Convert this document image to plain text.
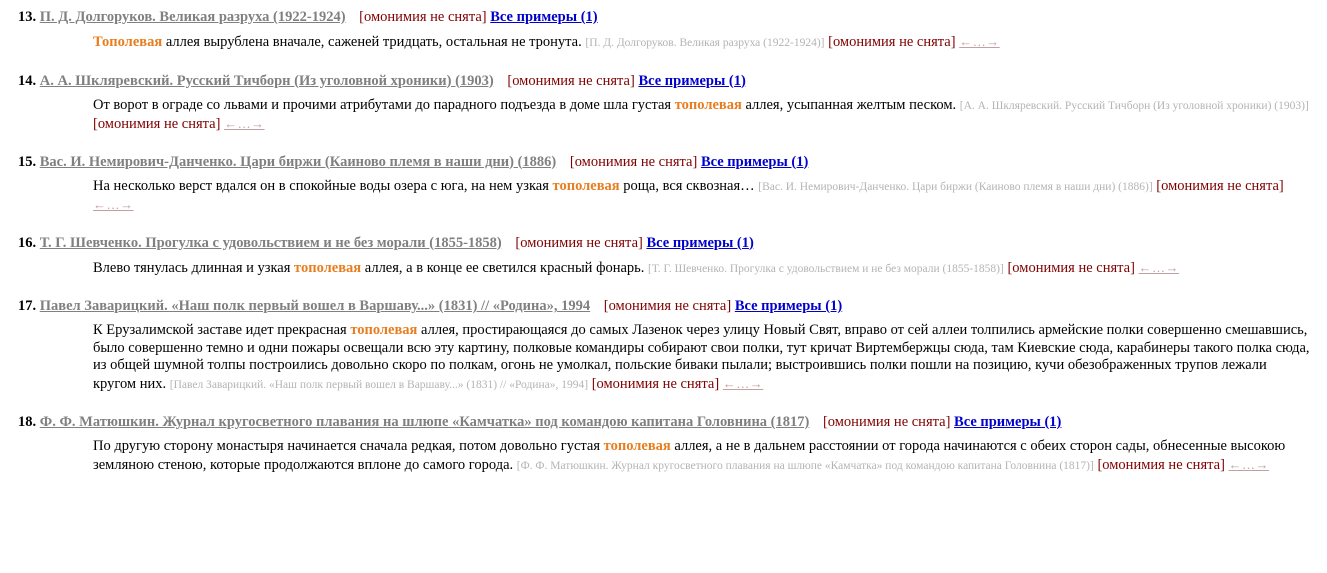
13. П. Д. Долгоруков. Великая разруха (1922-1924) [омонимия не снята] Все примеры (1)
Тополевая аллея вырублена вначале, саженей тридцать, остальная не тронута. [П. Д. Долгоруков. Великая разруха (1922-1924)] [омонимия не снята] ←…→
14. А. А. Шкляревский. Русский Тичборн (Из уголовной хроники) (1903) [омонимия не снята] Все примеры (1)
От ворот в ограде со львами и прочими атрибутами до парадного подъезда в доме шла густая тополевая аллея, усыпанная желтым песком. [А. А. Шкляревский. Русский Тичборн (Из уголовной хроники) (1903)] [омонимия не снята] ←…→
15. Вас. И. Немирович-Данченко. Цари биржи (Каиново племя в наши дни) (1886) [омонимия не снята] Все примеры (1)
На несколько верст вдался он в спокойные воды озера с юга, на нем узкая тополевая роща, вся сквозная… [Вас. И. Немирович-Данченко. Цари биржи (Каиново племя в наши дни) (1886)] [омонимия не снята] ←…→
16. Т. Г. Шевченко. Прогулка с удовольствием и не без морали (1855-1858) [омонимия не снята] Все примеры (1)
Влево тянулась длинная и узкая тополевая аллея, а в конце ее светился красный фонарь. [Т. Г. Шевченко. Прогулка с удовольствием и не без морали (1855-1858)] [омонимия не снята] ←…→
17. Павел Заварицкий. «Наш полк первый вошел в Варшаву...» (1831) // «Родина», 1994 [омонимия не снята] Все примеры (1)
К Ерузалимской заставе идет прекрасная тополевая аллея, простирающаяся до самых Лазенок через улицу Новый Свят, вправо от сей аллеи толпились армейские полки совершенно смешавшись, было совершенно темно и одни пожары освещали всю эту картину, полковые командиры собирают свои полки, тут кричат Виртембержцы сюда, там Киевские сюда, карабинеры такого полка сюда, из общей шумной толпы построились довольно скоро по полкам, огонь не умолкал, польские биваки пылали; выстроившись полки пошли на позицию, кучи обезображенных трупов лежали кругом них. [Павел Заварицкий. «Наш полк первый вошел в Варшаву...» (1831) // «Родина», 1994] [омонимия не снята] ←…→
18. Ф. Ф. Матюшкин. Журнал кругосветного плавания на шлюпе «Камчатка» под командою капитана Головнина (1817) [омонимия не снята] Все примеры (1)
По другую сторону монастыря начинается сначала редкая, потом довольно густая тополевая аллея, а не в дальнем расстоянии от города начинаются с обеих сторон сады, обнесенные высокою земляною стеною, которые продолжаются вплоне до самого города. [Ф. Ф. Матюшкин. Журнал кругосветного плавания на шлюпе «Камчатка» под командою капитана Головнина (1817)] [омонимия не снята] ←…→
